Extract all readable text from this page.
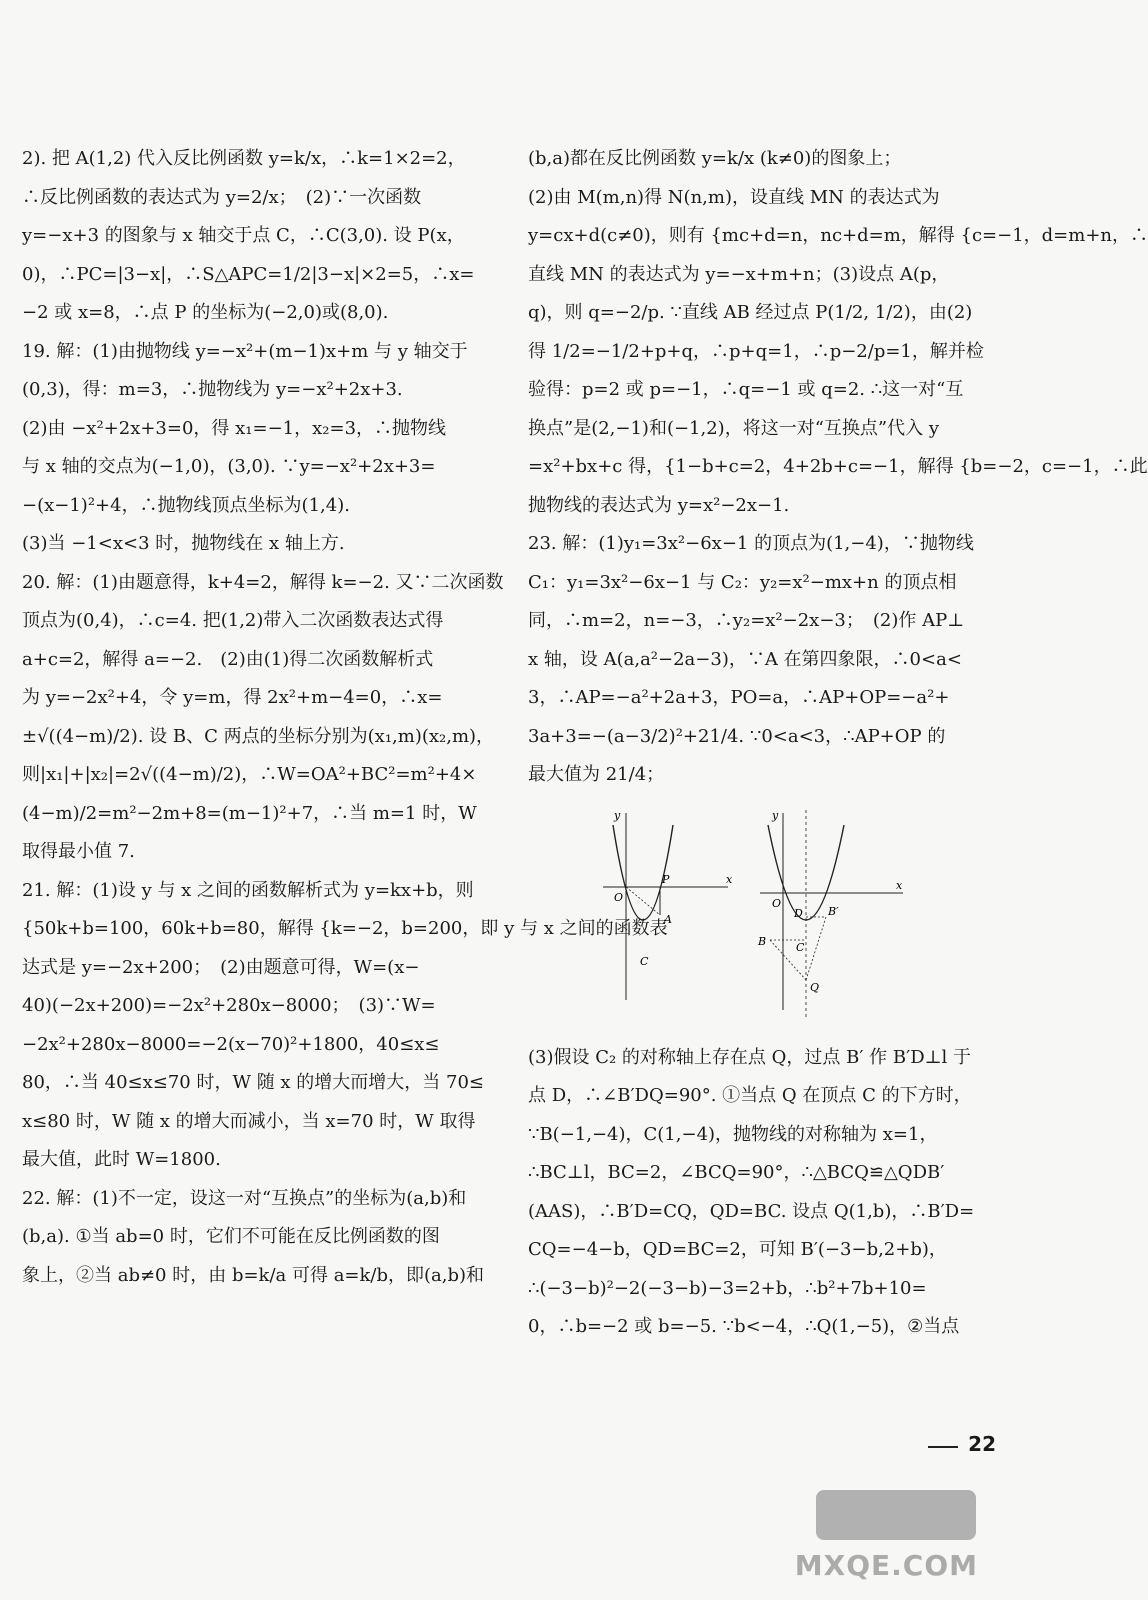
2). 把 A(1,2) 代入反比例函数 y=k/x，∴k=1×2=2，
∴反比例函数的表达式为 y=2/x；　(2)∵一次函数
y=−x+3 的图象与 x 轴交于点 C，∴C(3,0). 设 P(x，
0)，∴PC=|3−x|，∴S△APC=1/2|3−x|×2=5，∴x=
−2 或 x=8，∴点 P 的坐标为(−2,0)或(8,0).
19. 解：(1)由抛物线 y=−x²+(m−1)x+m 与 y 轴交于
(0,3)，得：m=3，∴抛物线为 y=−x²+2x+3.
(2)由 −x²+2x+3=0，得 x₁=−1，x₂=3，∴抛物线
与 x 轴的交点为(−1,0)，(3,0). ∵y=−x²+2x+3=
−(x−1)²+4，∴抛物线顶点坐标为(1,4).
(3)当 −1<x<3 时，抛物线在 x 轴上方.
20. 解：(1)由题意得，k+4=2，解得 k=−2. 又∵二次函数
顶点为(0,4)，∴c=4. 把(1,2)带入二次函数表达式得
a+c=2，解得 a=−2.　(2)由(1)得二次函数解析式
为 y=−2x²+4，令 y=m，得 2x²+m−4=0，∴x=
±√((4−m)/2). 设 B、C 两点的坐标分别为(x₁,m)(x₂,m)，
则|x₁|+|x₂|=2√((4−m)/2)，∴W=OA²+BC²=m²+4×
(4−m)/2=m²−2m+8=(m−1)²+7，∴当 m=1 时，W
取得最小值 7.
21. 解：(1)设 y 与 x 之间的函数解析式为 y=kx+b，则
{50k+b=100，60k+b=80，解得 {k=−2，b=200，即 y 与 x 之间的函数表
达式是 y=−2x+200；　(2)由题意可得，W=(x−
40)(−2x+200)=−2x²+280x−8000；　(3)∵W=
−2x²+280x−8000=−2(x−70)²+1800，40≤x≤
80，∴当 40≤x≤70 时，W 随 x 的增大而增大，当 70≤
x≤80 时，W 随 x 的增大而减小，当 x=70 时，W 取得
最大值，此时 W=1800.
22. 解：(1)不一定，设这一对“互换点”的坐标为(a,b)和
(b,a). ①当 ab=0 时，它们不可能在反比例函数的图
象上，②当 ab≠0 时，由 b=k/a 可得 a=k/b，即(a,b)和
(b,a)都在反比例函数 y=k/x (k≠0)的图象上；
(2)由 M(m,n)得 N(n,m)，设直线 MN 的表达式为
y=cx+d(c≠0)，则有 {mc+d=n，nc+d=m，解得 {c=−1，d=m+n，∴
直线 MN 的表达式为 y=−x+m+n；(3)设点 A(p，
q)，则 q=−2/p. ∵直线 AB 经过点 P(1/2, 1/2)，由(2)
得 1/2=−1/2+p+q，∴p+q=1，∴p−2/p=1，解并检
验得：p=2 或 p=−1，∴q=−1 或 q=2. ∴这一对“互
换点”是(2,−1)和(−1,2)，将这一对“互换点”代入 y
=x²+bx+c 得，{1−b+c=2，4+2b+c=−1，解得 {b=−2，c=−1，∴此
抛物线的表达式为 y=x²−2x−1.
23. 解：(1)y₁=3x²−6x−1 的顶点为(1,−4)，∵抛物线
C₁：y₁=3x²−6x−1 与 C₂：y₂=x²−mx+n 的顶点相
同，∴m=2，n=−3，∴y₂=x²−2x−3；　(2)作 AP⊥
x 轴，设 A(a,a²−2a−3)，∵A 在第四象限，∴0<a<
3，∴AP=−a²+2a+3，PO=a，∴AP+OP=−a²+
3a+3=−(a−3/2)²+21/4. ∵0<a<3，∴AP+OP 的
最大值为 21/4；
y
x
O
P
A
C
y
x
O
D B′
B	C
Q
(3)假设 C₂ 的对称轴上存在点 Q，过点 B′ 作 B′D⊥l 于
点 D，∴∠B′DQ=90°. ①当点 Q 在顶点 C 的下方时，
∵B(−1,−4)，C(1,−4)，抛物线的对称轴为 x=1，
∴BC⊥l，BC=2，∠BCQ=90°，∴△BCQ≌△QDB′
(AAS)，∴B′D=CQ，QD=BC. 设点 Q(1,b)，∴B′D=
CQ=−4−b，QD=BC=2，可知 B′(−3−b,2+b)，
∴(−3−b)²−2(−3−b)−3=2+b，∴b²+7b+10=
0，∴b=−2 或 b=−5. ∵b<−4，∴Q(1,−5)，②当点
22
MXQE.COM
